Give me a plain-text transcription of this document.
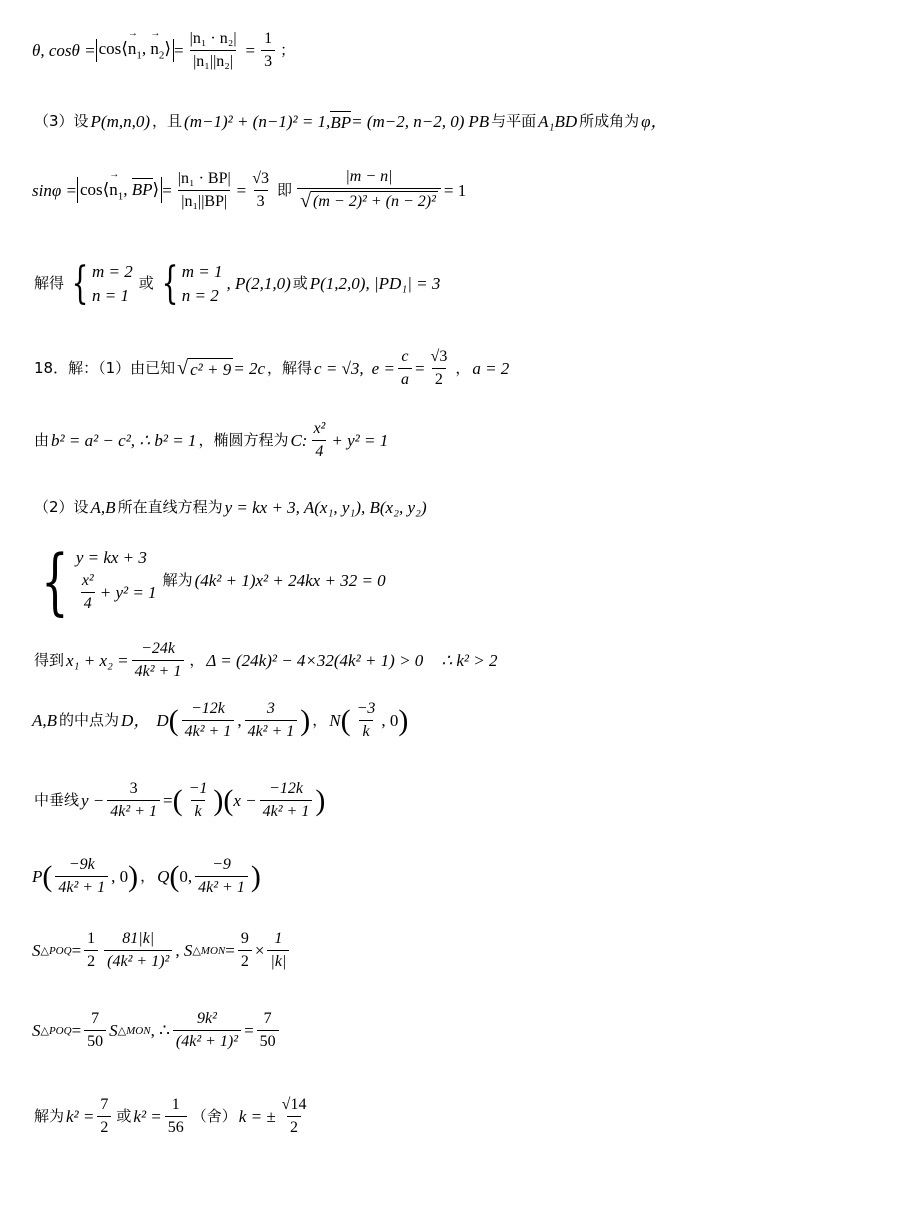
θ, cosθ = cos⟨→ $n_1$, → $n_2⟩ = \frac{\text{|n₁ · n₂|}}{\text{|n₁||n₂|}} = \frac{1}{3}$ ；
（3）设 P(m,n,0) ，且 (m−1)² + (n−1)² = 1, BP = (m−2, n−2, 0) PB 与平面 A₁BD 所成角为 φ，
sinφ = cos⟨→ $n_1$, BP⟩ = $\frac{\text{|n₁ · BP|}}{\text{|n₁||BP|}} = \frac{√3}{3}$ 即 $\frac{|m - n|}{\text{√ (m − 2)² + (n − 2)²}} = 1$
解得 { m = 2
n = 1
或 { m = 1
n = 2
, P(2,1,0) 或 P(1,2,0), |PD₁| = 3
18．解：（1）由已知 √ c² + 9 = 2c ，解得 c = √3, $e = \frac{c}{a} = \frac{√3}{2}$ ， a = 2
由 b² = a² − c², ∴ b² = 1 ，椭圆方程为 C: $\frac{\text{x²}}{4} + y^2 = 1$
（2）设 A,B 所在直线方程为 y = kx + 3, A(x₁, y₁), B(x₂, y₂)
{ y = kx + 3
$\frac{\text{x²}}{4} + y^2 = 1$
解为 (4k² + 1)x² + 24kx + 32 = 0
得到 $x_1 + x_2 = \frac{-24k}{\text{4k² + 1}}$ ， Δ = (24k)² − 4×32(4k² + 1) > 0 ∴ k² > 2
A,B 的中点为 D， D ( $\frac{-12k}{\text{4k² + 1}}$ , $\frac{3}{\text{4k² + 1}}$ ) ， N ( $\frac{-3}{k}$ , 0 )
中垂线 $y - \frac{3}{\text{4k² + 1}}$ = ( $\frac{-1}{k}$ )( $x - \frac{-12k}{\text{4k² + 1}}$ )
P ( $\frac{-9k}{\text{4k² + 1}}$ , 0 ) ， Q ( 0, $\frac{-9}{\text{4k² + 1}}$ )
S △POQ = $\frac{1}{2} \frac{81|k|}{\text{(4k² + 1)²}}$ , S △MON = $\frac{9}{2} \times \frac{1}{|k|}$
S △POQ = $\frac{7}{50}$ S △MON , ∴ $\frac{\text{9k²}}{\text{(4k² + 1)²}} = \frac{7}{50}$
解为 $k^2 = \frac{7}{2}$ 或 $k^2 = \frac{1}{56}$ （舍） k = ± $\frac{√14}{2}$
